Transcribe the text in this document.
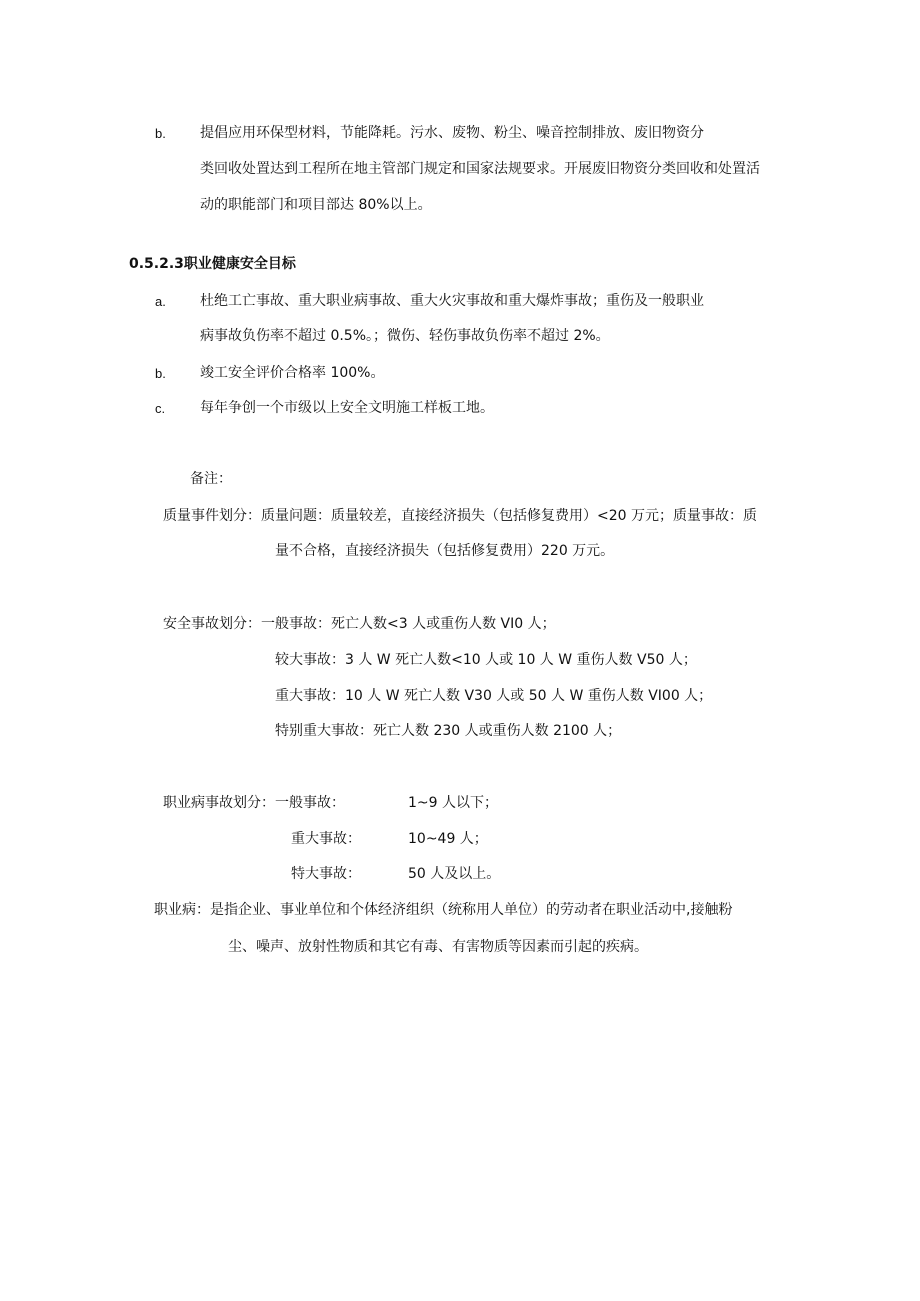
b. 提倡应用环保型材料，节能降耗。污水、废物、粉尘、噪音控制排放、废旧物资分
类回收处置达到工程所在地主管部门规定和国家法规要求。开展废旧物资分类回收和处置活
动的职能部门和项目部达 80%以上。
0.5.2.3职业健康安全目标
a. 杜绝工亡事故、重大职业病事故、重大火灾事故和重大爆炸事故；重伤及一般职业
病事故负伤率不超过 0.5%。；微伤、轻伤事故负伤率不超过 2%。
b. 竣工安全评价合格率 100%。
c. 每年争创一个市级以上安全文明施工样板工地。
备注：
质量事件划分：质量问题：质量较差，直接经济损失（包括修复费用）<20 万元；质量事故：质
量不合格，直接经济损失（包括修复费用）220 万元。
安全事故划分：一般事故：死亡人数<3 人或重伤人数 VI0 人；
较大事故：3 人 W 死亡人数<10 人或 10 人 W 重伤人数 V50 人；
重大事故：10 人 W 死亡人数 V30 人或 50 人 W 重伤人数 VI00 人；
特别重大事故：死亡人数 230 人或重伤人数 2100 人；
职业病事故划分：一般事故：	1~9 人以下；
重大事故：	10~49 人；
特大事故：	50 人及以上。
职业病：是指企业、事业单位和个体经济组织（统称用人单位）的劳动者在职业活动中,接触粉
尘、噪声、放射性物质和其它有毒、有害物质等因素而引起的疾病。
